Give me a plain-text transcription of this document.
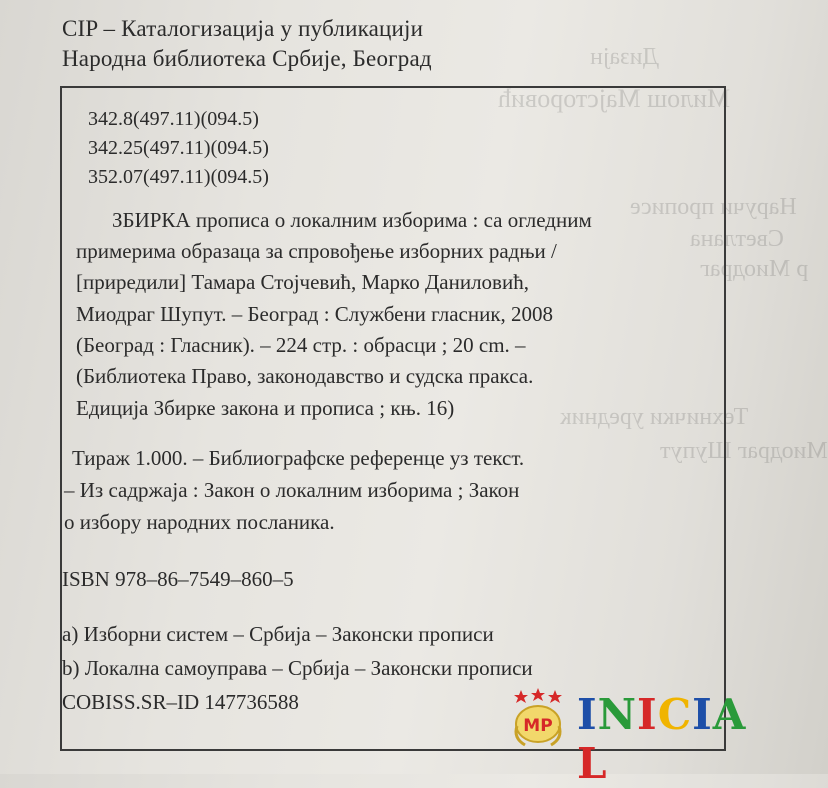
Дизајн
Милош Маjсторовић
Наручи прописе
Светлана
р Миодраг
Технички уредник
Миодраг Шупут
CIP – Каталогизација у публикацији
Народна библиотека Србије, Београд
342.8(497.11)(094.5)
342.25(497.11)(094.5)
352.07(497.11)(094.5)
ЗБИРКА прописа о локалним изборима : са огледним
примерима образаца за спровођење изборних радњи /
[приредили] Тамара Стојчевић, Марко Даниловић,
Миодраг Шупут. – Београд : Службени гласник, 2008
(Београд : Гласник). – 224 стр. : обрасци ; 20 cm. –
(Библиотека Право, законодавство и судска пракса.
Едиција Збирке закона и прописа ; књ. 16)
Тираж 1.000. – Библиографске референце уз текст.
– Из садржаја : Закон о локалним изборима ; Закон
о избору народних посланика.
ISBN 978–86–7549–860–5
а) Изборни систем – Србија – Законски прописи
b) Локална самоуправа – Србија – Законски прописи
COBISS.SR–ID 147736588
MP INICIAL
